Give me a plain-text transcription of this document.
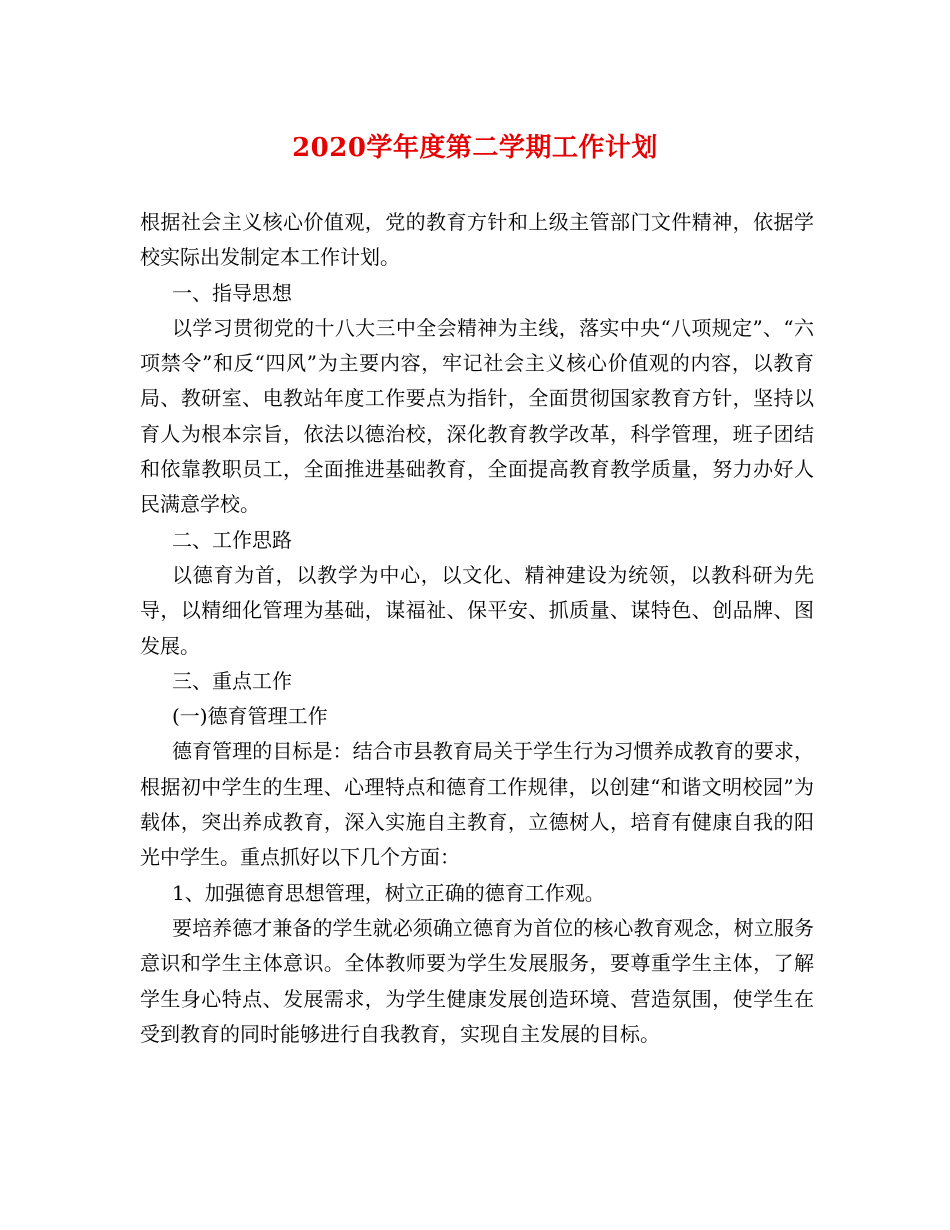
2020学年度第二学期工作计划

根据社会主义核心价值观，党的教育方针和上级主管部门文件精神，依据学校实际出发制定本工作计划。

一、指导思想

以学习贯彻党的十八大三中全会精神为主线，落实中央“八项规定”、“六项禁令”和反“四风”为主要内容，牢记社会主义核心价值观的内容，以教育局、教研室、电教站年度工作要点为指针，全面贯彻国家教育方针，坚持以育人为根本宗旨，依法以德治校，深化教育教学改革，科学管理，班子团结和依靠教职员工，全面推进基础教育，全面提高教育教学质量，努力办好人民满意学校。

二、工作思路

以德育为首，以教学为中心，以文化、精神建设为统领，以教科研为先导，以精细化管理为基础，谋福祉、保平安、抓质量、谋特色、创品牌、图发展。

三、重点工作

(一)德育管理工作

德育管理的目标是：结合市县教育局关于学生行为习惯养成教育的要求，根据初中学生的生理、心理特点和德育工作规律，以创建“和谐文明校园”为载体，突出养成教育，深入实施自主教育，立德树人，培育有健康自我的阳光中学生。重点抓好以下几个方面：

1、加强德育思想管理，树立正确的德育工作观。

要培养德才兼备的学生就必须确立德育为首位的核心教育观念，树立服务意识和学生主体意识。全体教师要为学生发展服务，要尊重学生主体，了解学生身心特点、发展需求，为学生健康发展创造环境、营造氛围，使学生在受到教育的同时能够进行自我教育，实现自主发展的目标。
